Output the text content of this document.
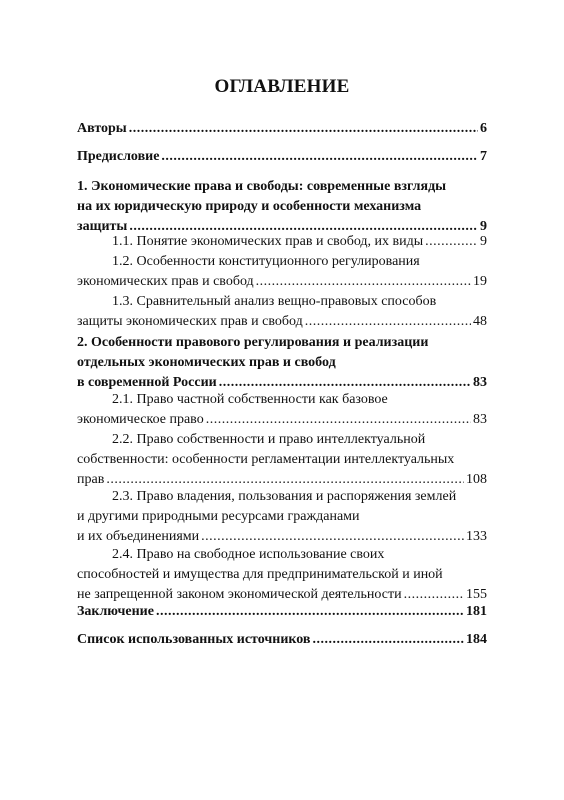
ОГЛАВЛЕНИЕ
Авторы .....	6
Предисловие .....	7
1. Экономические права и свободы: современные взгляды
на их юридическую природу и особенности механизма
защиты .....	9
1.1. Понятие экономических прав и свобод, их виды .....	9
1.2. Особенности конституционного регулирования
экономических прав и свобод .....	19
1.3. Сравнительный анализ вещно-правовых способов
защиты экономических прав и свобод .....	48
2. Особенности правового регулирования и реализации
отдельных экономических прав и свобод
в современной России .....	83
2.1. Право частной собственности как базовое
экономическое право .....	83
2.2. Право собственности и право интеллектуальной
собственности: особенности регламентации интеллектуальных
прав .....	108
2.3. Право владения, пользования и распоряжения землей
и другими природными ресурсами гражданами
и их объединениями .....	133
2.4. Право на свободное использование своих
способностей и имущества для предпринимательской и иной
не запрещенной законом экономической деятельности .....	155
Заключение .....	181
Список использованных источников .....	184
